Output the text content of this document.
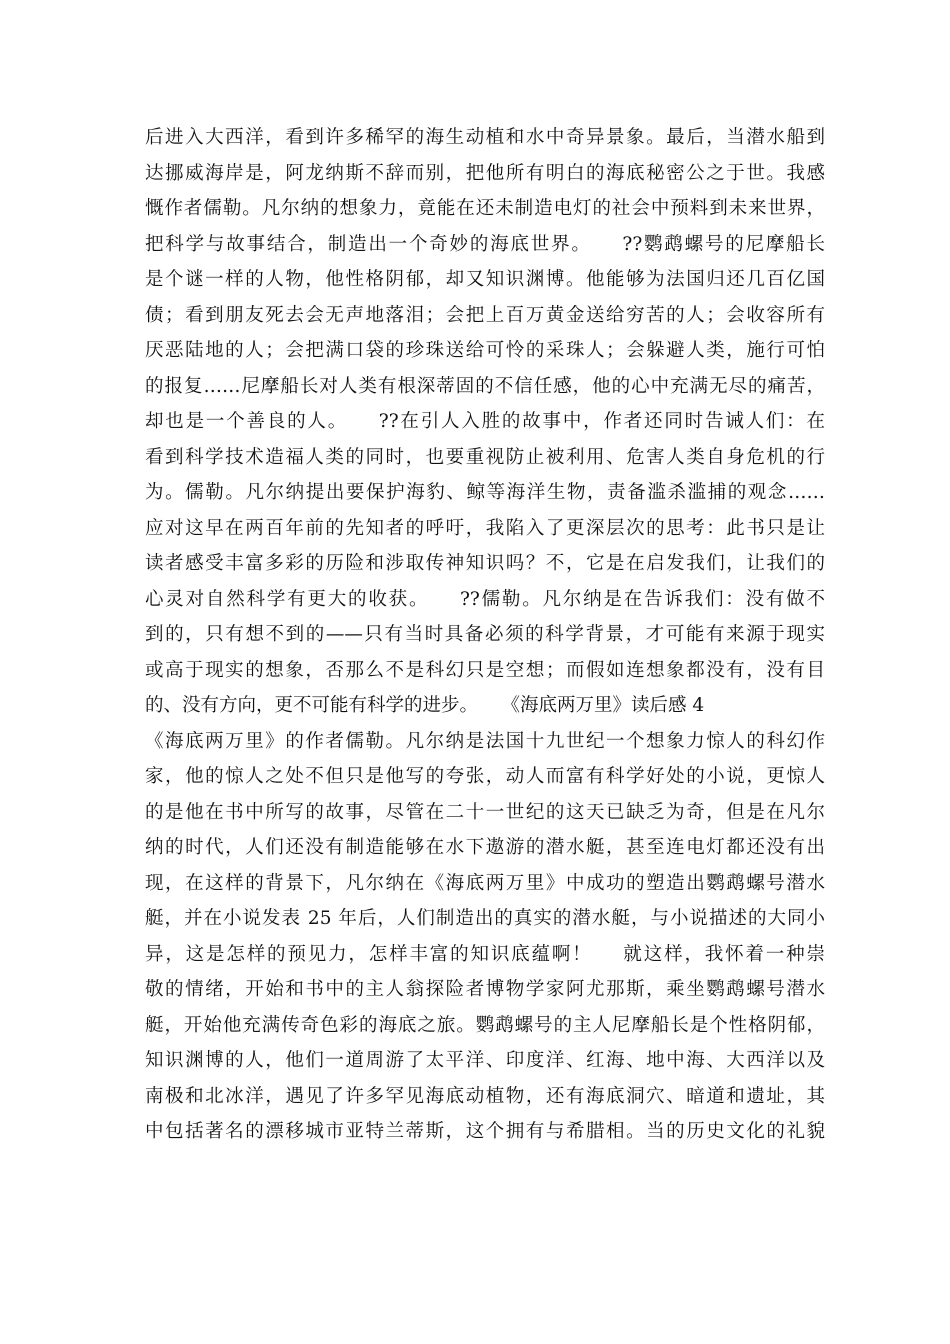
后进入大西洋，看到许多稀罕的海生动植和水中奇异景象。最后，当潜水船到
达挪威海岸是，阿龙纳斯不辞而别，把他所有明白的海底秘密公之于世。我感
慨作者儒勒。凡尔纳的想象力，竟能在还未制造电灯的社会中预料到未来世界，
把科学与故事结合，制造出一个奇妙的海底世界。    ??鹦鹉螺号的尼摩船长
是个谜一样的人物，他性格阴郁，却又知识渊博。他能够为法国归还几百亿国
债；看到朋友死去会无声地落泪；会把上百万黄金送给穷苦的人；会收容所有
厌恶陆地的人；会把满口袋的珍珠送给可怜的采珠人；会躲避人类，施行可怕
的报复……尼摩船长对人类有根深蒂固的不信任感，他的心中充满无尽的痛苦，
却也是一个善良的人。    ??在引人入胜的故事中，作者还同时告诫人们：在
看到科学技术造福人类的同时，也要重视防止被利用、危害人类自身危机的行
为。儒勒。凡尔纳提出要保护海豹、鲸等海洋生物，责备滥杀滥捕的观念……
应对这早在两百年前的先知者的呼吁，我陷入了更深层次的思考：此书只是让
读者感受丰富多彩的历险和涉取传神知识吗？不，它是在启发我们，让我们的
心灵对自然科学有更大的收获。    ??儒勒。凡尔纳是在告诉我们：没有做不
到的，只有想不到的——只有当时具备必须的科学背景，才可能有来源于现实
或高于现实的想象，否那么不是科幻只是空想；而假如连想象都没有，没有目
的、没有方向，更不可能有科学的进步。    《海底两万里》读后感 4
《海底两万里》的作者儒勒。凡尔纳是法国十九世纪一个想象力惊人的科幻作
家，他的惊人之处不但只是他写的夸张，动人而富有科学好处的小说，更惊人
的是他在书中所写的故事，尽管在二十一世纪的这天已缺乏为奇，但是在凡尔
纳的时代，人们还没有制造能够在水下遨游的潜水艇，甚至连电灯都还没有出
现，在这样的背景下，凡尔纳在《海底两万里》中成功的塑造出鹦鹉螺号潜水
艇，并在小说发表 25 年后，人们制造出的真实的潜水艇，与小说描述的大同小
异，这是怎样的预见力，怎样丰富的知识底蕴啊！    就这样，我怀着一种崇
敬的情绪，开始和书中的主人翁探险者博物学家阿尤那斯，乘坐鹦鹉螺号潜水
艇，开始他充满传奇色彩的海底之旅。鹦鹉螺号的主人尼摩船长是个性格阴郁，
知识渊博的人，他们一道周游了太平洋、印度洋、红海、地中海、大西洋以及
南极和北冰洋，遇见了许多罕见海底动植物，还有海底洞穴、暗道和遗址，其
中包括著名的漂移城市亚特兰蒂斯，这个拥有与希腊相。当的历史文化的礼貌
